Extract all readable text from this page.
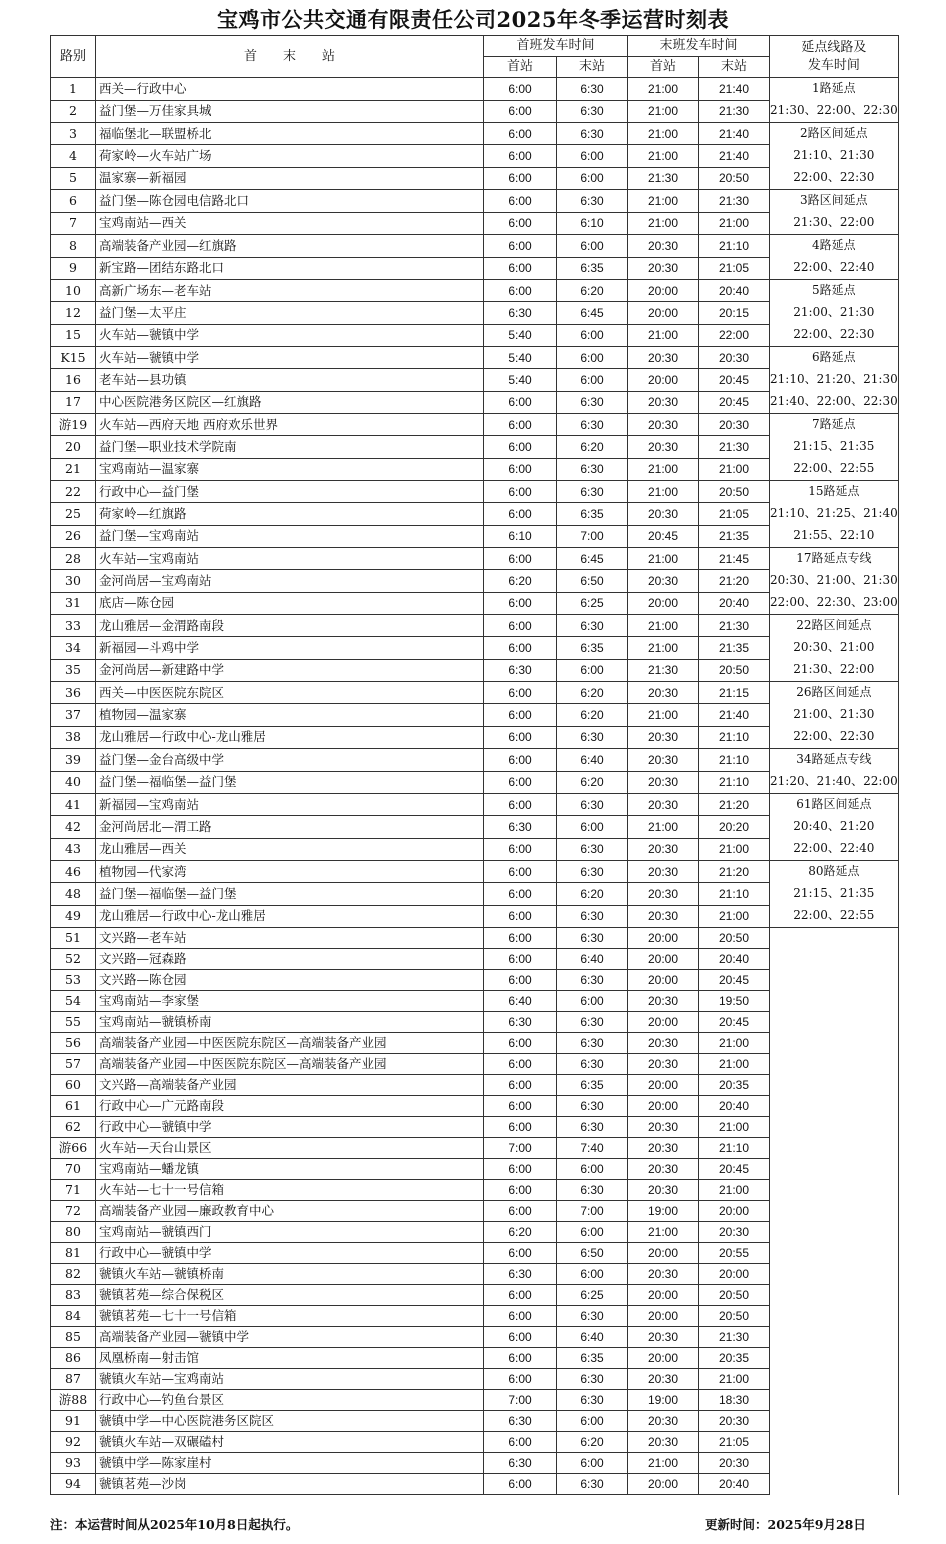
宝鸡市公共交通有限责任公司2025年冬季运营时刻表
路别	首　　末　　站	首班发车时间		末班发车时间		延点线路及发车时间
		首站	末站	首站	末站	
1	西关—行政中心	6:00	6:30	21:00	21:40	1路延点
21:30、22:00、22:30

2	益门堡—万佳家具城	6:00	6:30	21:00	21:30	
3	福临堡北—联盟桥北	6:00	6:30	21:00	21:40	2路区间延点
21:10、21:30
22:00、22:30

4	荷家岭—火车站广场	6:00	6:00	21:00	21:40	
5	温家寨—新福园	6:00	6:00	21:30	20:50	
6	益门堡—陈仓园电信路北口	6:00	6:30	21:00	21:30	3路区间延点
21:30、22:00

7	宝鸡南站—西关	6:00	6:10	21:00	21:00	
8	高端装备产业园—红旗路	6:00	6:00	20:30	21:10	4路延点
22:00、22:40

9	新宝路—团结东路北口	6:00	6:35	20:30	21:05	
10	高新广场东—老车站	6:00	6:20	20:00	20:40	5路延点
21:00、21:30
22:00、22:30

12	益门堡—太平庄	6:30	6:45	20:00	20:15	
15	火车站—虢镇中学	5:40	6:00	21:00	22:00	
K15	火车站—虢镇中学	5:40	6:00	20:30	20:30	6路延点
21:10、21:20、21:30
21:40、22:00、22:30

16	老车站—县功镇	5:40	6:00	20:00	20:45	
17	中心医院港务区院区—红旗路	6:00	6:30	20:30	20:45	
游19	火车站—西府天地 西府欢乐世界	6:00	6:30	20:30	20:30	7路延点
21:15、21:35
22:00、22:55

20	益门堡—职业技术学院南	6:00	6:20	20:30	21:30	
21	宝鸡南站—温家寨	6:00	6:30	21:00	21:00	
22	行政中心—益门堡	6:00	6:30	21:00	20:50	15路延点
21:10、21:25、21:40
21:55、22:10

25	荷家岭—红旗路	6:00	6:35	20:30	21:05	
26	益门堡—宝鸡南站	6:10	7:00	20:45	21:35	
28	火车站—宝鸡南站	6:00	6:45	21:00	21:45	17路延点专线
20:30、21:00、21:30
22:00、22:30、23:00

30	金河尚居—宝鸡南站	6:20	6:50	20:30	21:20	
31	底店—陈仓园	6:00	6:25	20:00	20:40	
33	龙山雅居—金渭路南段	6:00	6:30	21:00	21:30	22路区间延点
20:30、21:00
21:30、22:00

34	新福园—斗鸡中学	6:00	6:35	21:00	21:35	
35	金河尚居—新建路中学	6:30	6:00	21:30	20:50	
36	西关—中医医院东院区	6:00	6:20	20:30	21:15	26路区间延点
21:00、21:30
22:00、22:30

37	植物园—温家寨	6:00	6:20	21:00	21:40	
38	龙山雅居—行政中心-龙山雅居	6:00	6:30	20:30	21:10	
39	益门堡—金台高级中学	6:00	6:40	20:30	21:10	34路延点专线
21:20、21:40、22:00

40	益门堡—福临堡—益门堡	6:00	6:20	20:30	21:10	
41	新福园—宝鸡南站	6:00	6:30	20:30	21:20	61路区间延点
20:40、21:20
22:00、22:40

42	金河尚居北—渭工路	6:30	6:00	21:00	20:20	
43	龙山雅居—西关	6:00	6:30	20:30	21:00	
46	植物园—代家湾	6:00	6:30	20:30	21:20	80路延点
21:15、21:35
22:00、22:55

48	益门堡—福临堡—益门堡	6:00	6:20	20:30	21:10	
49	龙山雅居—行政中心-龙山雅居	6:00	6:30	20:30	21:00	
51	文兴路—老车站	6:00	6:30	20:00	20:50	
52	文兴路—冠森路	6:00	6:40	20:00	20:40	
53	文兴路—陈仓园	6:00	6:30	20:00	20:45	
54	宝鸡南站—李家堡	6:40	6:00	20:30	19:50	
55	宝鸡南站—虢镇桥南	6:30	6:30	20:00	20:45	
56	高端装备产业园—中医医院东院区—高端装备产业园	6:00	6:30	20:30	21:00	
57	高端装备产业园—中医医院东院区—高端装备产业园	6:00	6:30	20:30	21:00	
60	文兴路—高端装备产业园	6:00	6:35	20:00	20:35	
61	行政中心—广元路南段	6:00	6:30	20:00	20:40	
62	行政中心—虢镇中学	6:00	6:30	20:30	21:00	
游66	火车站—天台山景区	7:00	7:40	20:30	21:10	
70	宝鸡南站—蟠龙镇	6:00	6:00	20:30	20:45	
71	火车站—七十一号信箱	6:00	6:30	20:30	21:00	
72	高端装备产业园—廉政教育中心	6:00	7:00	19:00	20:00	
80	宝鸡南站—虢镇西门	6:20	6:00	21:00	20:30	
81	行政中心—虢镇中学	6:00	6:50	20:00	20:55	
82	虢镇火车站—虢镇桥南	6:30	6:00	20:30	20:00	
83	虢镇茗苑—综合保税区	6:00	6:25	20:00	20:50	
84	虢镇茗苑—七十一号信箱	6:00	6:30	20:00	20:50	
85	高端装备产业园—虢镇中学	6:00	6:40	20:30	21:30	
86	凤凰桥南—射击馆	6:00	6:35	20:00	20:35	
87	虢镇火车站—宝鸡南站	6:00	6:30	20:30	21:00	
游88	行政中心—钓鱼台景区	7:00	6:30	19:00	18:30	
91	虢镇中学—中心医院港务区院区	6:30	6:00	20:30	20:30	
92	虢镇火车站—双碾磕村	6:00	6:20	20:30	21:05	
93	虢镇中学—陈家崖村	6:30	6:00	21:00	20:30	
94	虢镇茗苑—沙岗	6:00	6:30	20:00	20:40	
注：本运营时间从2025年10月8日起执行。	更新时间：2025年9月28日
